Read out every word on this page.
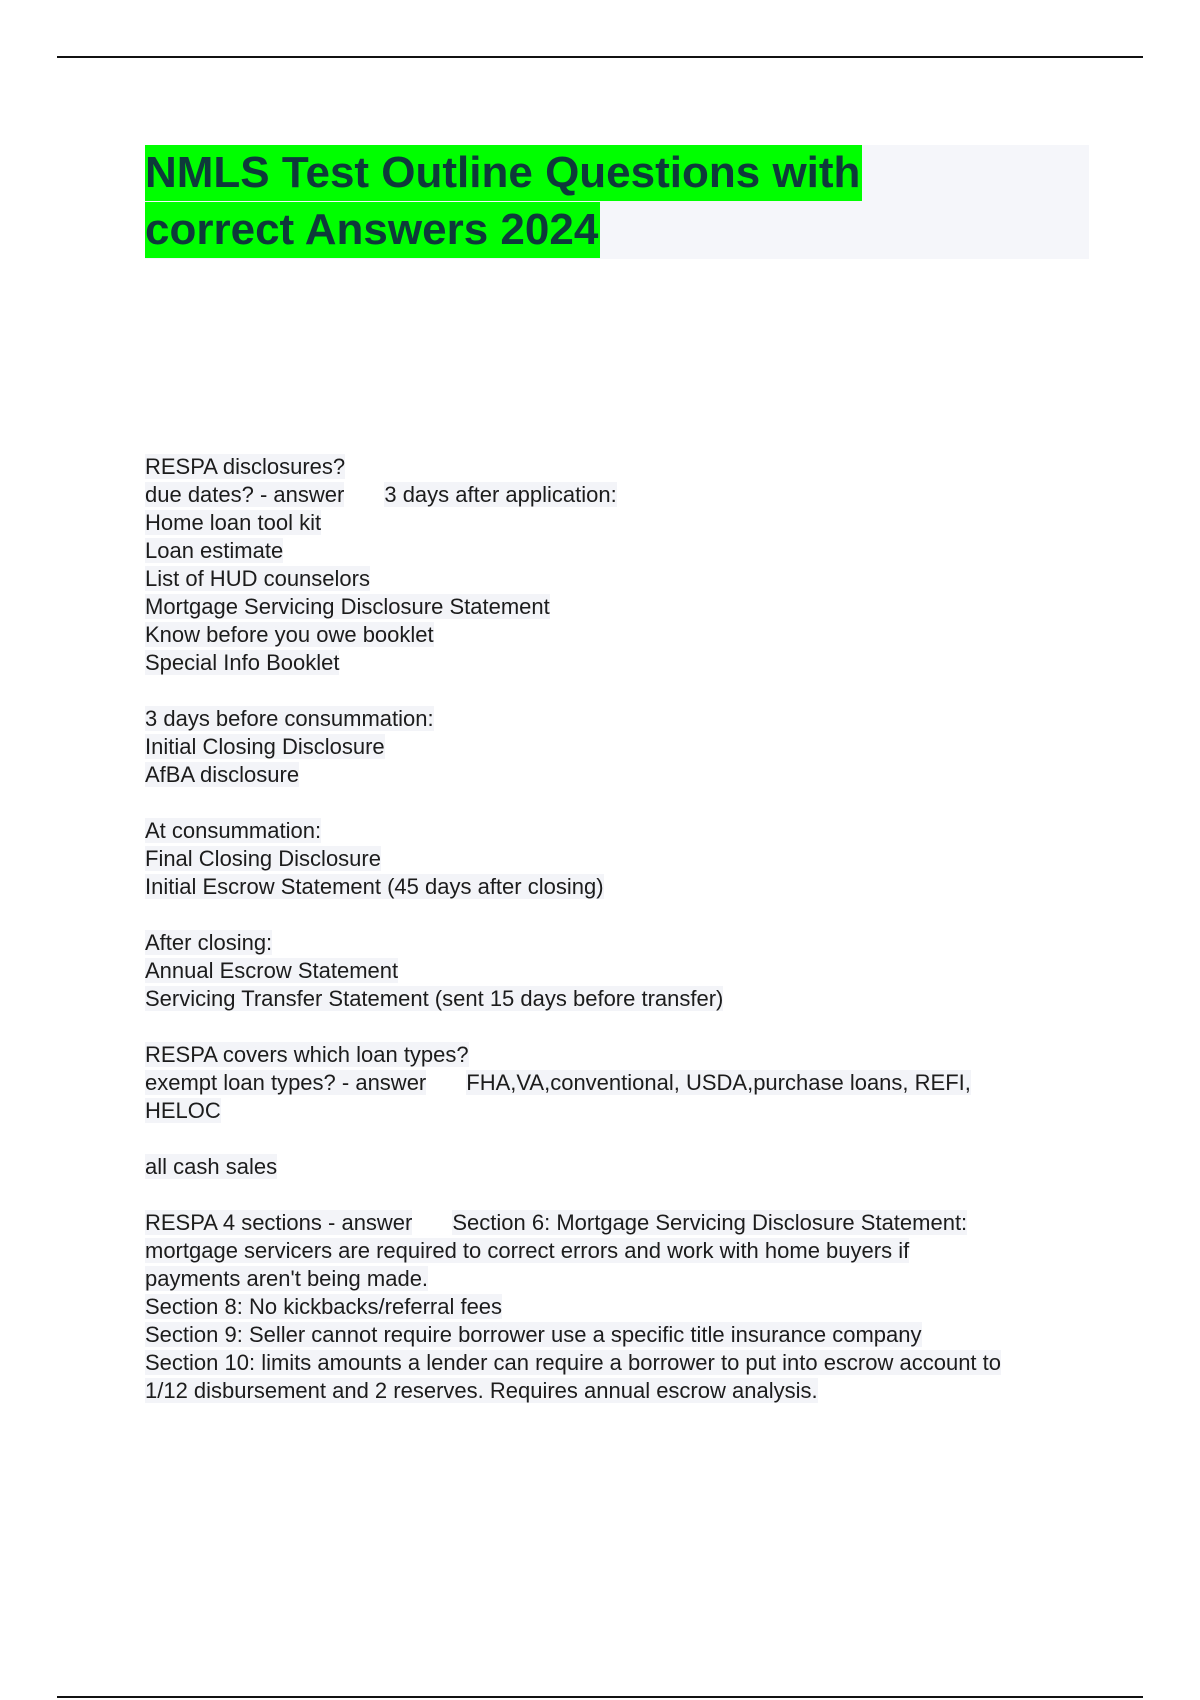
NMLS Test Outline Questions with
correct Answers 2024
RESPA disclosures?
due dates? - answer 3 days after application:
Home loan tool kit
Loan estimate
List of HUD counselors
Mortgage Servicing Disclosure Statement
Know before you owe booklet
Special Info Booklet
3 days before consummation:
Initial Closing Disclosure
AfBA disclosure
At consummation:
Final Closing Disclosure
Initial Escrow Statement (45 days after closing)
After closing:
Annual Escrow Statement
Servicing Transfer Statement (sent 15 days before transfer)
RESPA covers which loan types?
exempt loan types? - answer FHA,VA,conventional, USDA,purchase loans, REFI,
HELOC
all cash sales
RESPA 4 sections - answer Section 6: Mortgage Servicing Disclosure Statement:
mortgage servicers are required to correct errors and work with home buyers if
payments aren't being made.
Section 8: No kickbacks/referral fees
Section 9: Seller cannot require borrower use a specific title insurance company
Section 10: limits amounts a lender can require a borrower to put into escrow account to
1/12 disbursement and 2 reserves. Requires annual escrow analysis.
